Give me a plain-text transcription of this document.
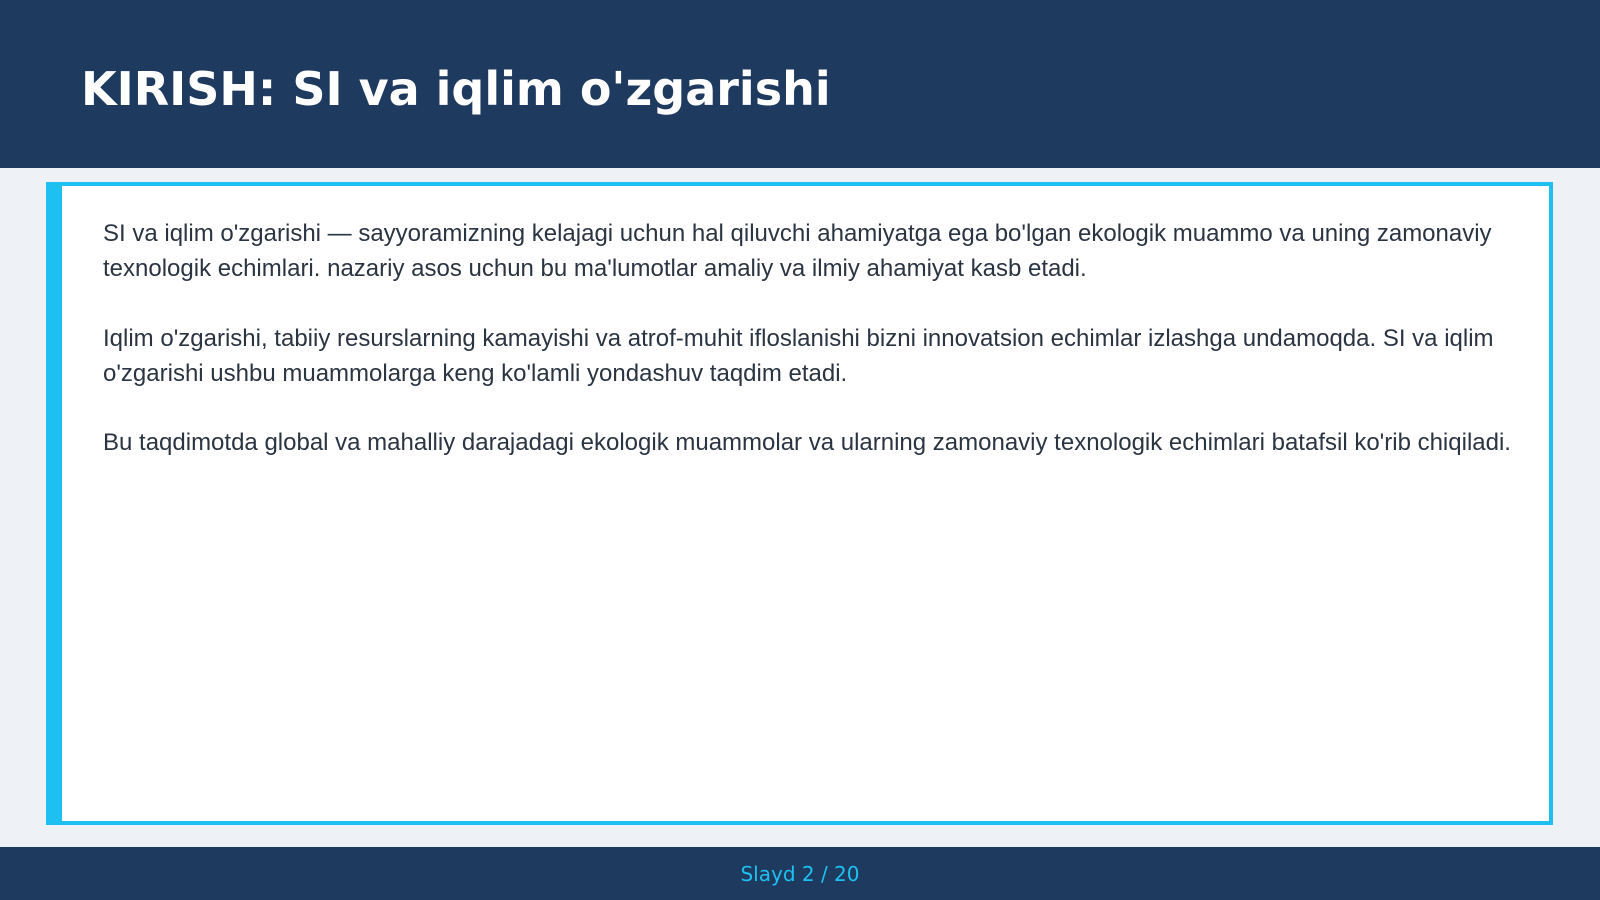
KIRISH: SI va iqlim o'zgarishi

SI va iqlim o'zgarishi — sayyoramizning kelajagi uchun hal qiluvchi ahamiyatga ega bo'lgan ekologik muammo va uning zamonaviy texnologik echimlari. nazariy asos uchun bu ma'lumotlar amaliy va ilmiy ahamiyat kasb etadi.

Iqlim o'zgarishi, tabiiy resurslarning kamayishi va atrof-muhit ifloslanishi bizni innovatsion echimlar izlashga undamoqda. SI va iqlim o'zgarishi ushbu muammolarga keng ko'lamli yondashuv taqdim etadi.

Bu taqdimotda global va mahalliy darajadagi ekologik muammolar va ularning zamonaviy texnologik echimlari batafsil ko'rib chiqiladi.

Slayd 2 / 20
